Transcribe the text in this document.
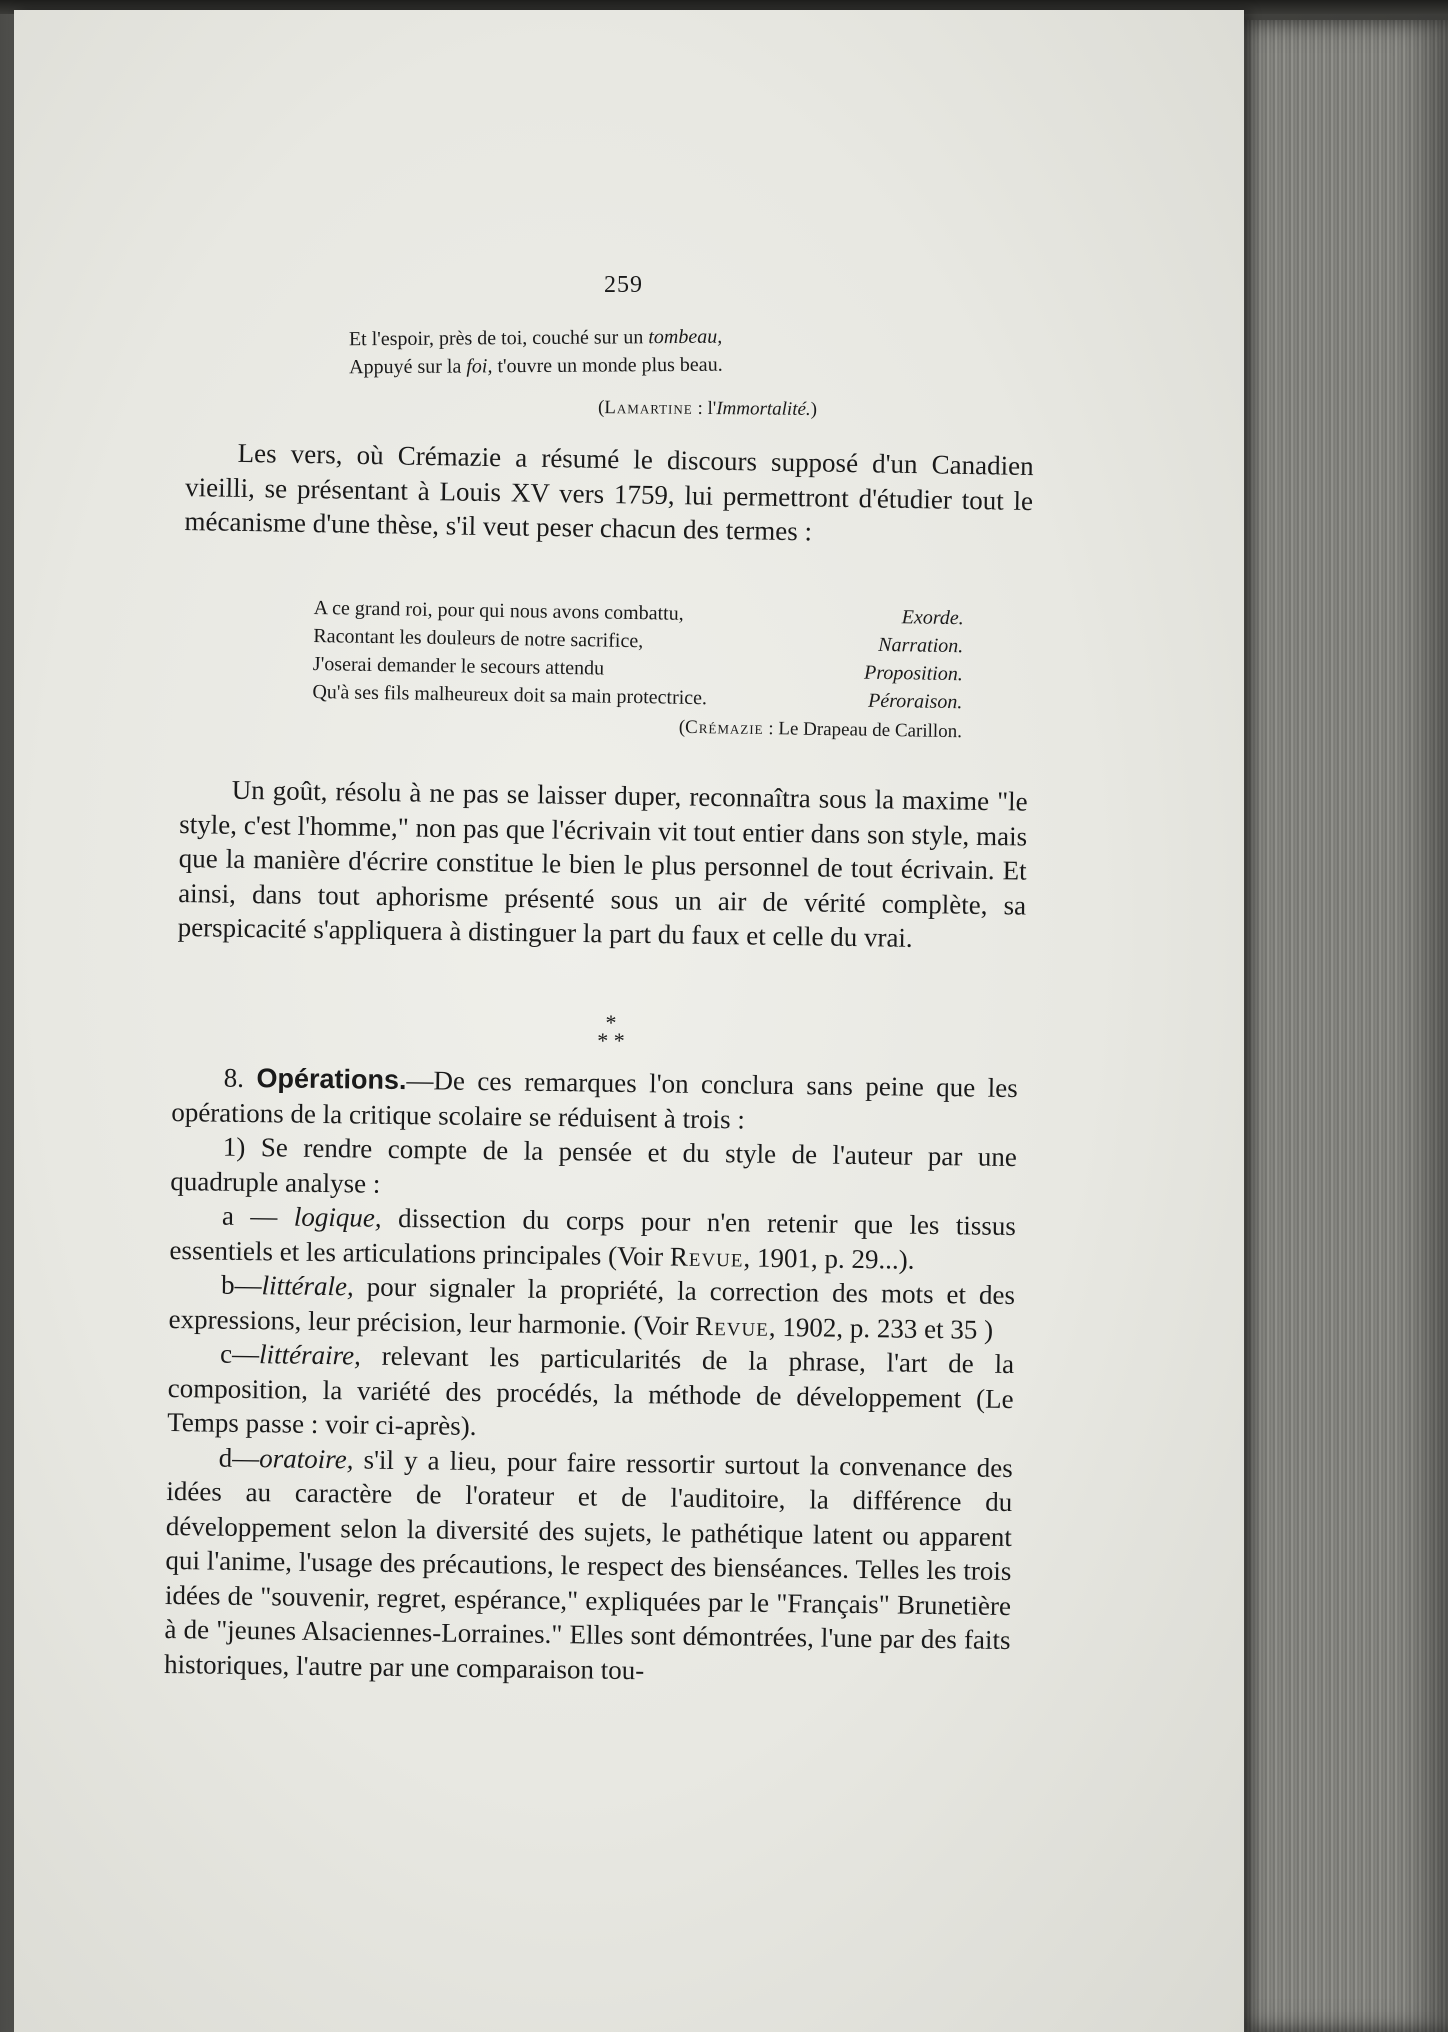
259
Et l'espoir, près de toi, couché sur un tombeau,
Appuyé sur la foi, t'ouvre un monde plus beau.
(Lamartine : l'Immortalité.)

Les vers, où Crémazie a résumé le discours supposé d'un Canadien vieilli, se présentant à Louis XV vers 1759, lui permettront d'étudier tout le mécanisme d'une thèse, s'il veut peser chacun des termes :

A ce grand roi, pour qui nous avons combattu,	Exorde.
Racontant les douleurs de notre sacrifice,	Narration.
J'oserai demander le secours attendu	Proposition.
Qu'à ses fils malheureux doit sa main protectrice.	Péroraison.
(Crémazie : Le Drapeau de Carillon.

Un goût, résolu à ne pas se laisser duper, reconnaîtra sous la maxime "le style, c'est l'homme," non pas que l'écrivain vit tout entier dans son style, mais que la manière d'écrire constitue le bien le plus personnel de tout écrivain. Et ainsi, dans tout aphorisme présenté sous un air de vérité complète, sa perspicacité s'appliquera à distinguer la part du faux et celle du vrai.

*
* *

8. Opérations.—De ces remarques l'on conclura sans peine que les opérations de la critique scolaire se réduisent à trois :

1) Se rendre compte de la pensée et du style de l'auteur par une quadruple analyse :

a — logique, dissection du corps pour n'en retenir que les tissus essentiels et les articulations principales (Voir Revue, 1901, p. 29...).

b—littérale, pour signaler la propriété, la correction des mots et des expressions, leur précision, leur harmonie. (Voir Revue, 1902, p. 233 et 35 )

c—littéraire, relevant les particularités de la phrase, l'art de la composition, la variété des procédés, la méthode de développement (Le Temps passe : voir ci-après).

d—oratoire, s'il y a lieu, pour faire ressortir surtout la convenance des idées au caractère de l'orateur et de l'auditoire, la différence du développement selon la diversité des sujets, le pathétique latent ou apparent qui l'anime, l'usage des précautions, le respect des bienséances. Telles les trois idées de "souvenir, regret, espérance," expliquées par le "Français" Brunetière à de "jeunes Alsaciennes-Lorraines." Elles sont démontrées, l'une par des faits historiques, l'autre par une comparaison tou-
